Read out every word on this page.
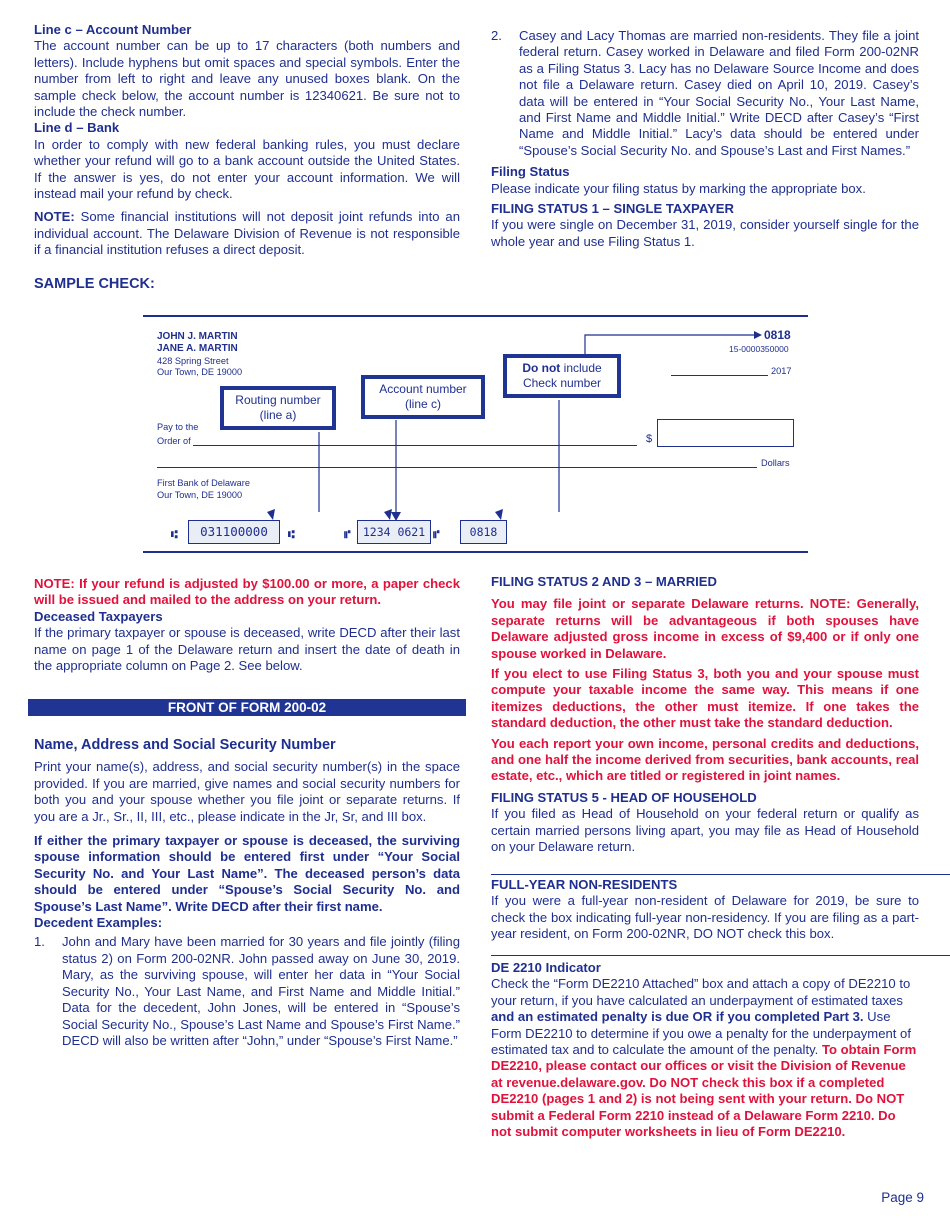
Line c – Account Number

The account number can be up to 17 characters (both numbers and letters). Include hyphens but omit spaces and special symbols. Enter the number from left to right and leave any unused boxes blank. On the sample check below, the account number is 12340621. Be sure not to include the check number.

Line d – Bank

In order to comply with new federal banking rules, you must declare whether your refund will go to a bank account outside the United States. If the answer is yes, do not enter your account information. We will instead mail your refund by check.

NOTE: Some financial institutions will not deposit joint refunds into an individual account. The Delaware Division of Revenue is not responsible if a financial institution refuses a direct deposit.

2. Casey and Lacy Thomas are married non-residents. They file a joint federal return. Casey worked in Delaware and filed Form 200-02NR as a Filing Status 3. Lacy has no Delaware Source Income and does not file a Delaware return. Casey died on April 10, 2019. Casey’s data will be entered in “Your Social Security No., Your Last Name, and First Name and Middle Initial.” Write DECD after Casey’s “First Name and Middle Initial.” Lacy’s data should be entered under “Spouse’s Social Security No. and Spouse’s Last and First Names.”

Filing Status

Please indicate your filing status by marking the appropriate box.

FILING STATUS 1 – SINGLE TAXPAYER

If you were single on December 31, 2019, consider yourself single for the whole year and use Filing Status 1.

SAMPLE CHECK:
JOHN J. MARTIN
JANE A. MARTIN
428 Spring Street
Our Town, DE 19000
0818
15-0000350000
2017
Pay to the
Order of	$
Dollars
First Bank of Delaware
Our Town, DE 19000
Routing number
(line a)
Account number
(line c)
Do not include
Check number
⑆	031100000	⑆	⑈	1234 0621 ⑈	0818

NOTE: If your refund is adjusted by $100.00 or more, a paper check will be issued and mailed to the address on your return.

Deceased Taxpayers

If the primary taxpayer or spouse is deceased, write DECD after their last name on page 1 of the Delaware return and insert the date of death in the appropriate column on Page 2. See below.

FRONT OF FORM 200-02

Name, Address and Social Security Number

Print your name(s), address, and social security number(s) in the space provided. If you are married, give names and social security numbers for both you and your spouse whether you file joint or separate returns. If you are a Jr., Sr., II, III, etc., please indicate in the Jr, Sr, and III box.

If either the primary taxpayer or spouse is deceased, the surviving spouse information should be entered first under “Your Social Security No. and Your Last Name”. The deceased person’s data should be entered under “Spouse’s Social Security No. and Spouse’s Last Name”. Write DECD after their first name.

Decedent Examples:

1. John and Mary have been married for 30 years and file jointly (filing status 2) on Form 200-02NR. John passed away on June 30, 2019. Mary, as the surviving spouse, will enter her data in “Your Social Security No., Your Last Name, and First Name and Middle Initial.” Data for the decedent, John Jones, will be entered in “Spouse’s Social Security No., Spouse’s Last Name and Spouse’s First Name.” DECD will also be written after “John,” under “Spouse’s First Name.”

FILING STATUS 2 AND 3 – MARRIED

You may file joint or separate Delaware returns. NOTE: Generally, separate returns will be advantageous if both spouses have Delaware adjusted gross income in excess of $9,400 or if only one spouse worked in Delaware.

If you elect to use Filing Status 3, both you and your spouse must compute your taxable income the same way. This means if one itemizes deductions, the other must itemize. If one takes the standard deduction, the other must take the standard deduction.

You each report your own income, personal credits and deductions, and one half the income derived from securities, bank accounts, real estate, etc., which are titled or registered in joint names.

FILING STATUS 5 - HEAD OF HOUSEHOLD

If you filed as Head of Household on your federal return or qualify as certain married persons living apart, you may file as Head of Household on your Delaware return.

FULL-YEAR NON-RESIDENTS

If you were a full-year non-resident of Delaware for 2019, be sure to check the box indicating full-year non-residency. If you are filing as a part-year resident, on Form 200-02NR, DO NOT check this box.

DE 2210 Indicator

Check the “Form DE2210 Attached” box and attach a copy of DE2210 to your return, if you have calculated an underpayment of estimated taxes and an estimated penalty is due OR if you completed Part 3. Use Form DE2210 to determine if you owe a penalty for the underpayment of estimated tax and to calculate the amount of the penalty. To obtain Form DE2210, please contact our offices or visit the Division of Revenue at revenue.delaware.gov. Do NOT check this box if a completed DE2210 (pages 1 and 2) is not being sent with your return. Do NOT submit a Federal Form 2210 instead of a Delaware Form 2210. Do not submit computer worksheets in lieu of Form DE2210.

Page 9
